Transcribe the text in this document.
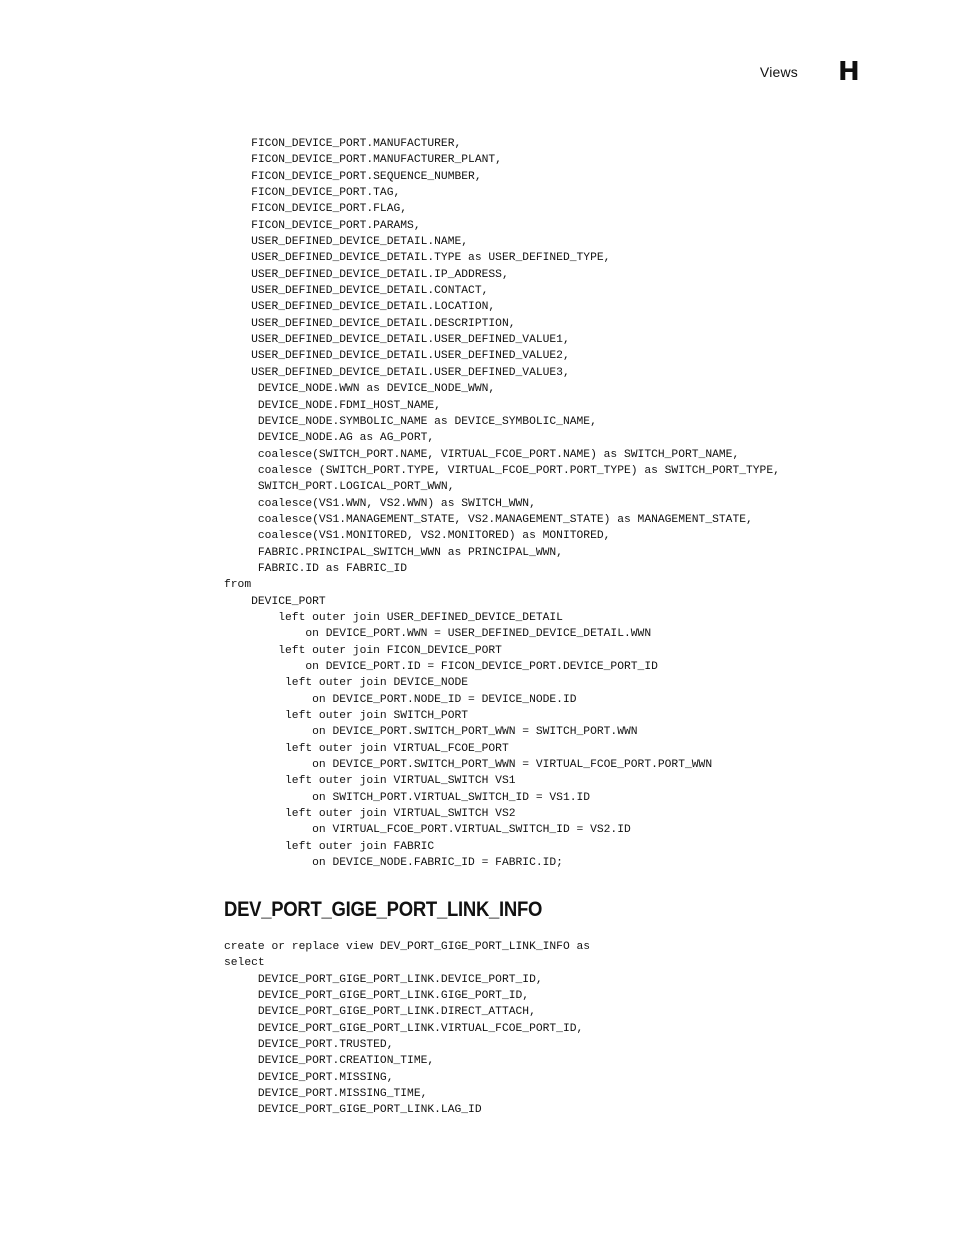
Views H
FICON_DEVICE_PORT.MANUFACTURER,
FICON_DEVICE_PORT.MANUFACTURER_PLANT,
FICON_DEVICE_PORT.SEQUENCE_NUMBER,
FICON_DEVICE_PORT.TAG,
FICON_DEVICE_PORT.FLAG,
FICON_DEVICE_PORT.PARAMS,
USER_DEFINED_DEVICE_DETAIL.NAME,
USER_DEFINED_DEVICE_DETAIL.TYPE as USER_DEFINED_TYPE,
USER_DEFINED_DEVICE_DETAIL.IP_ADDRESS,
USER_DEFINED_DEVICE_DETAIL.CONTACT,
USER_DEFINED_DEVICE_DETAIL.LOCATION,
USER_DEFINED_DEVICE_DETAIL.DESCRIPTION,
USER_DEFINED_DEVICE_DETAIL.USER_DEFINED_VALUE1,
USER_DEFINED_DEVICE_DETAIL.USER_DEFINED_VALUE2,
USER_DEFINED_DEVICE_DETAIL.USER_DEFINED_VALUE3,
DEVICE_NODE.WWN as DEVICE_NODE_WWN,
DEVICE_NODE.FDMI_HOST_NAME,
DEVICE_NODE.SYMBOLIC_NAME as DEVICE_SYMBOLIC_NAME,
DEVICE_NODE.AG as AG_PORT,
coalesce(SWITCH_PORT.NAME, VIRTUAL_FCOE_PORT.NAME) as SWITCH_PORT_NAME,
coalesce (SWITCH_PORT.TYPE, VIRTUAL_FCOE_PORT.PORT_TYPE) as SWITCH_PORT_TYPE,
SWITCH_PORT.LOGICAL_PORT_WWN,
coalesce(VS1.WWN, VS2.WWN) as SWITCH_WWN,
coalesce(VS1.MANAGEMENT_STATE, VS2.MANAGEMENT_STATE) as MANAGEMENT_STATE,
coalesce(VS1.MONITORED, VS2.MONITORED) as MONITORED,
FABRIC.PRINCIPAL_SWITCH_WWN as PRINCIPAL_WWN,
FABRIC.ID as FABRIC_ID
from
DEVICE_PORT
left outer join USER_DEFINED_DEVICE_DETAIL
on DEVICE_PORT.WWN = USER_DEFINED_DEVICE_DETAIL.WWN
left outer join FICON_DEVICE_PORT
on DEVICE_PORT.ID = FICON_DEVICE_PORT.DEVICE_PORT_ID
left outer join DEVICE_NODE
on DEVICE_PORT.NODE_ID = DEVICE_NODE.ID
left outer join SWITCH_PORT
on DEVICE_PORT.SWITCH_PORT_WWN = SWITCH_PORT.WWN
left outer join VIRTUAL_FCOE_PORT
on DEVICE_PORT.SWITCH_PORT_WWN = VIRTUAL_FCOE_PORT.PORT_WWN
left outer join VIRTUAL_SWITCH VS1
on SWITCH_PORT.VIRTUAL_SWITCH_ID = VS1.ID
left outer join VIRTUAL_SWITCH VS2
on VIRTUAL_FCOE_PORT.VIRTUAL_SWITCH_ID = VS2.ID
left outer join FABRIC
on DEVICE_NODE.FABRIC_ID = FABRIC.ID;
DEV_PORT_GIGE_PORT_LINK_INFO
create or replace view DEV_PORT_GIGE_PORT_LINK_INFO as
select
DEVICE_PORT_GIGE_PORT_LINK.DEVICE_PORT_ID,
DEVICE_PORT_GIGE_PORT_LINK.GIGE_PORT_ID,
DEVICE_PORT_GIGE_PORT_LINK.DIRECT_ATTACH,
DEVICE_PORT_GIGE_PORT_LINK.VIRTUAL_FCOE_PORT_ID,
DEVICE_PORT.TRUSTED,
DEVICE_PORT.CREATION_TIME,
DEVICE_PORT.MISSING,
DEVICE_PORT.MISSING_TIME,
DEVICE_PORT_GIGE_PORT_LINK.LAG_ID
